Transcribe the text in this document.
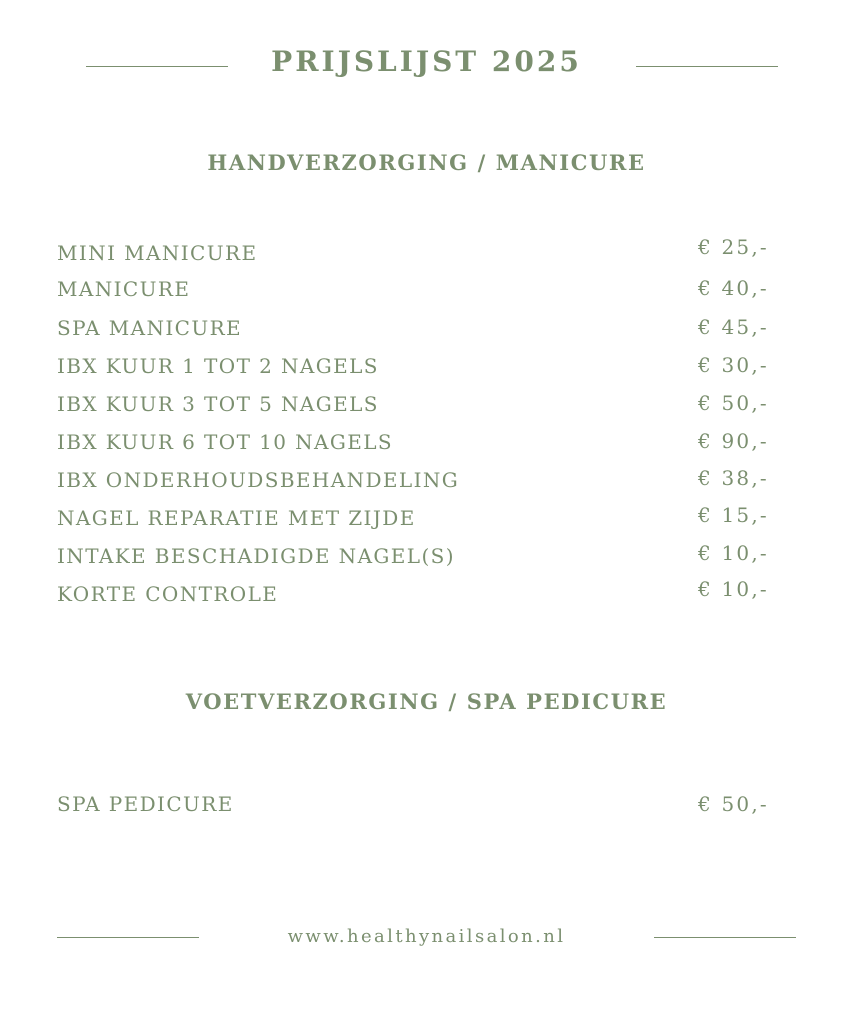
PRIJSLIJST 2025
HANDVERZORGING / MANICURE
MINI MANICURE	€ 25,-
MANICURE	€ 40,-
SPA MANICURE	€ 45,-
IBX KUUR 1 TOT 2 NAGELS	€ 30,-
IBX KUUR 3 TOT 5 NAGELS	€ 50,-
IBX KUUR 6 TOT 10 NAGELS	€ 90,-
IBX ONDERHOUDSBEHANDELING	€ 38,-
NAGEL REPARATIE MET ZIJDE	€ 15,-
INTAKE BESCHADIGDE NAGEL(S)	€ 10,-
KORTE CONTROLE	€ 10,-
VOETVERZORGING / SPA PEDICURE
SPA PEDICURE	€ 50,-
www.healthynailsalon.nl
